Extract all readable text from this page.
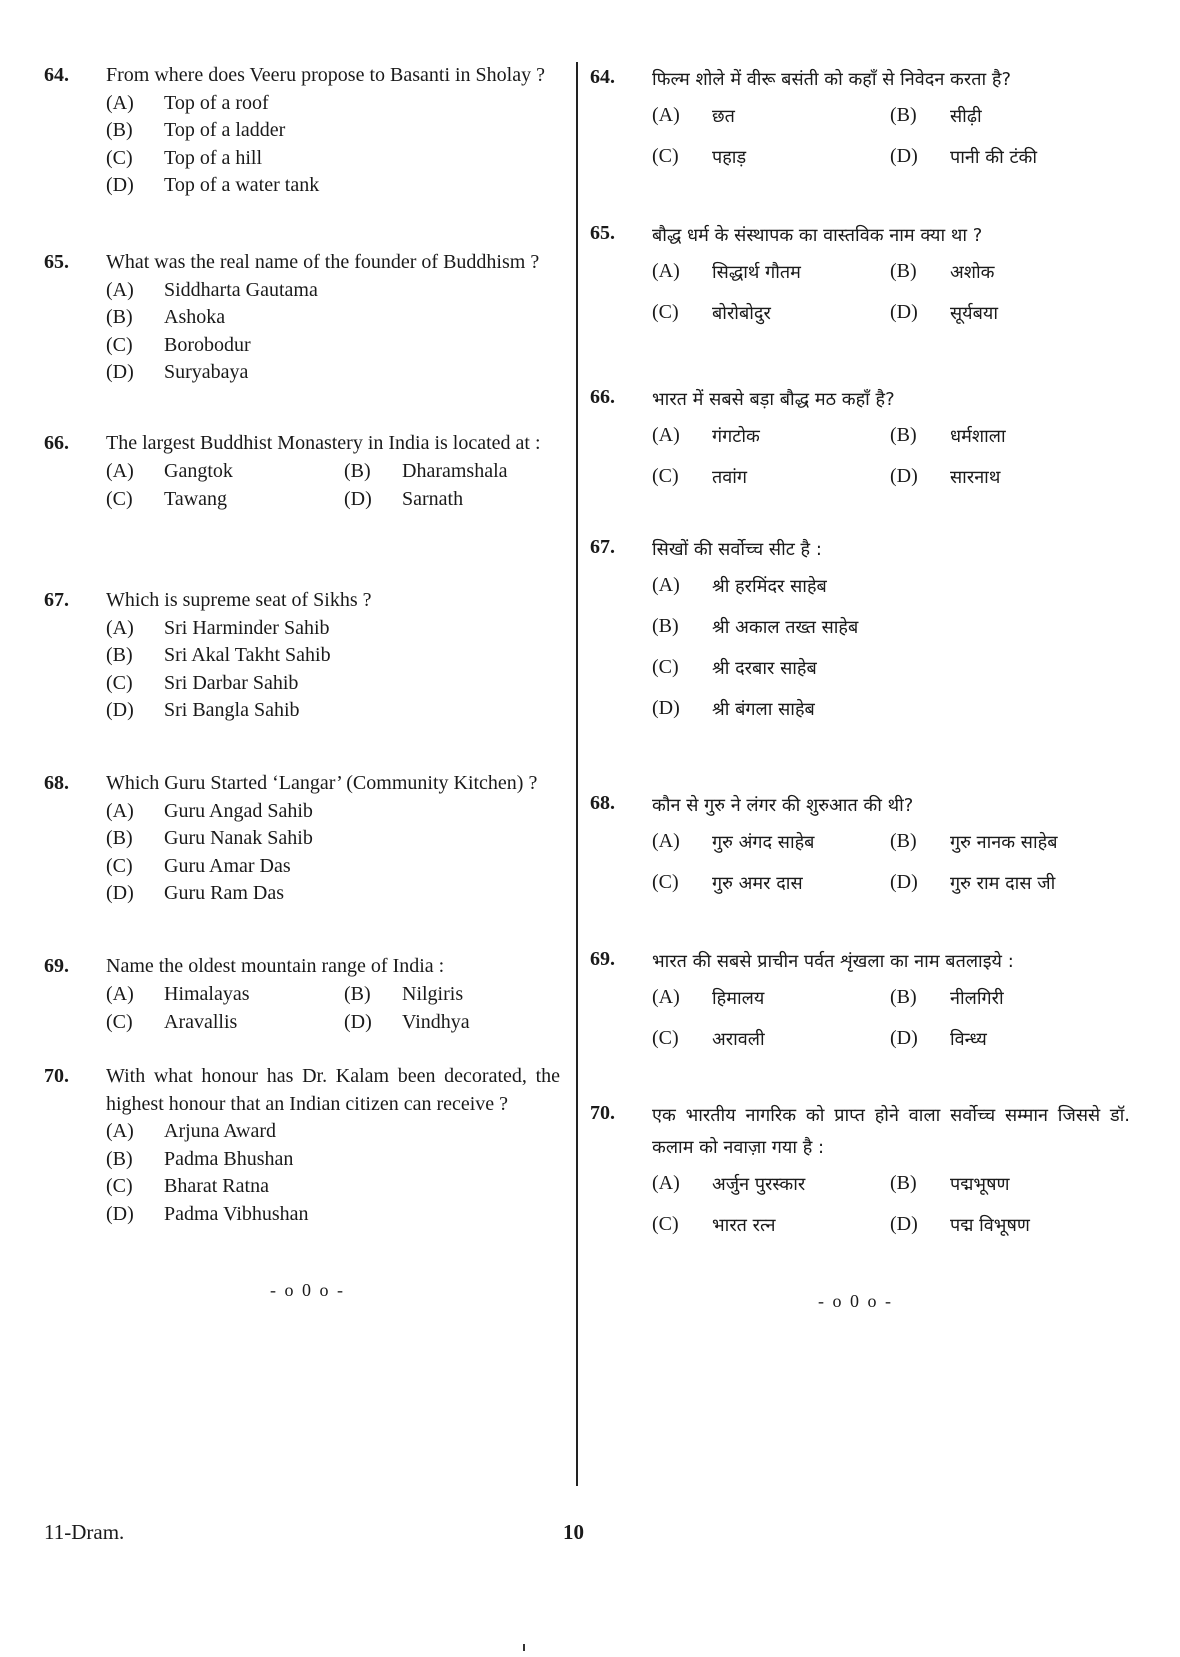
64. From where does Veeru propose to Basanti in Sholay ?
(A) Top of a roof
(B) Top of a ladder
(C) Top of a hill
(D) Top of a water tank
65. What was the real name of the founder of Buddhism ?
(A) Siddharta Gautama
(B) Ashoka
(C) Borobodur
(D) Suryabaya
66. The largest Buddhist Monastery in India is located at :
(A) Gangtok	(B) Dharamshala
(C) Tawang	(D) Sarnath
67. Which is supreme seat of Sikhs ?
(A) Sri Harminder Sahib
(B) Sri Akal Takht Sahib
(C) Sri Darbar Sahib
(D) Sri Bangla Sahib
68. Which Guru Started ‘Langar’ (Community Kitchen) ?
(A) Guru Angad Sahib
(B) Guru Nanak Sahib
(C) Guru Amar Das
(D) Guru Ram Das
69. Name the oldest mountain range of India :
(A) Himalayas	(B) Nilgiris
(C) Aravallis	(D) Vindhya
70. With what honour has Dr. Kalam been decorated, the highest honour that an Indian citizen can receive ?
(A) Arjuna Award
(B) Padma Bhushan
(C) Bharat Ratna
(D) Padma Vibhushan
64. फिल्म शोले में वीरू बसंती को कहाँ से निवेदन करता है?
(A) छत	(B) सीढ़ी
(C) पहाड़	(D) पानी की टंकी
65. बौद्ध धर्म के संस्थापक का वास्तविक नाम क्या था ?
(A) सिद्धार्थ गौतम	(B) अशोक
(C) बोरोबोदुर	(D) सूर्यबया
66. भारत में सबसे बड़ा बौद्ध मठ कहाँ है?
(A) गंगटोक	(B) धर्मशाला
(C) तवांग	(D) सारनाथ
67. सिखों की सर्वोच्च सीट है :
(A) श्री हरमिंदर साहेब
(B) श्री अकाल तख्त साहेब
(C) श्री दरबार साहेब
(D) श्री बंगला साहेब
68. कौन से गुरु ने लंगर की शुरुआत की थी?
(A) गुरु अंगद साहेब	(B) गुरु नानक साहेब
(C) गुरु अमर दास	(D) गुरु राम दास जी
69. भारत की सबसे प्राचीन पर्वत शृंखला का नाम बतलाइये :
(A) हिमालय	(B) नीलगिरी
(C) अरावली	(D) विन्ध्य
70. एक भारतीय नागरिक को प्राप्त होने वाला सर्वोच्च सम्मान जिससे डॉ. कलाम को नवाज़ा गया है :
(A) अर्जुन पुरस्कार	(B) पद्मभूषण
(C) भारत रत्न	(D) पद्म विभूषण
- o 0 o -
- o 0 o -
11-Dram.	10
